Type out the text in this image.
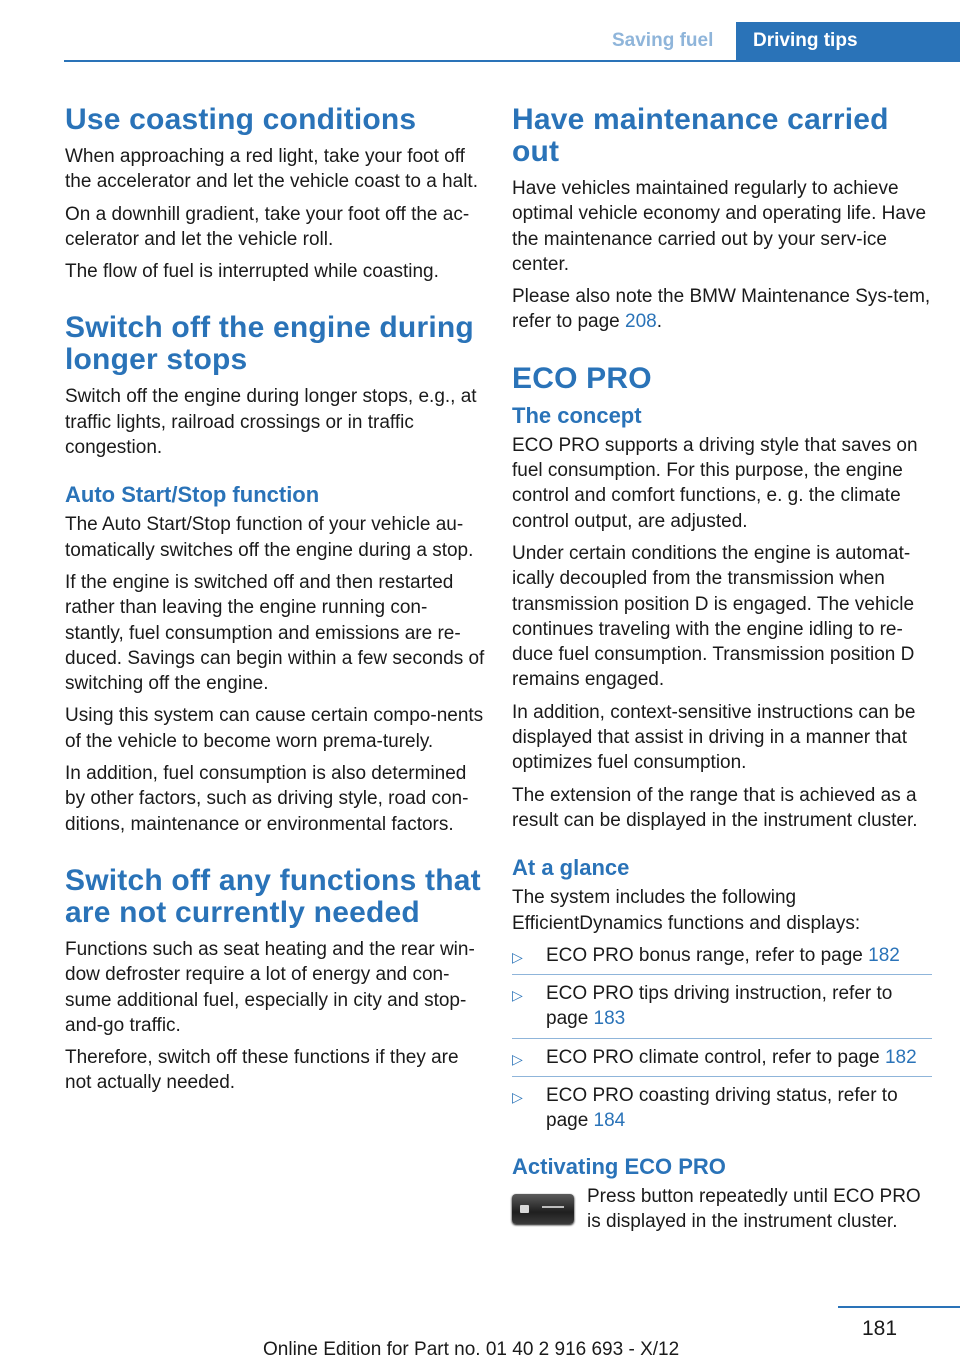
Saving fuel	Driving tips
Use coasting conditions

When approaching a red light, take your foot off the accelerator and let the vehicle coast to a halt.

On a downhill gradient, take your foot off the ac‐celerator and let the vehicle roll.

The flow of fuel is interrupted while coasting.

Switch off the engine during longer stops

Switch off the engine during longer stops, e.g., at traffic lights, railroad crossings or in traffic congestion.

Auto Start/Stop function

The Auto Start/Stop function of your vehicle au‐tomatically switches off the engine during a stop.

If the engine is switched off and then restarted rather than leaving the engine running con‐stantly, fuel consumption and emissions are re‐duced. Savings can begin within a few seconds of switching off the engine.

Using this system can cause certain compo‐nents of the vehicle to become worn prema‐turely.

In addition, fuel consumption is also determined by other factors, such as driving style, road con‐ditions, maintenance or environmental factors.

Switch off any functions that are not currently needed

Functions such as seat heating and the rear win‐dow defroster require a lot of energy and con‐sume additional fuel, especially in city and stop-and-go traffic.

Therefore, switch off these functions if they are not actually needed.

Have maintenance carried out

Have vehicles maintained regularly to achieve optimal vehicle economy and operating life. Have the maintenance carried out by your serv‐ice center.

Please also note the BMW Maintenance Sys‐tem, refer to page 208.

ECO PRO
The concept

ECO PRO supports a driving style that saves on fuel consumption. For this purpose, the engine control and comfort functions, e. g. the climate control output, are adjusted.

Under certain conditions the engine is automat‐ically decoupled from the transmission when transmission position D is engaged. The vehicle continues traveling with the engine idling to re‐duce fuel consumption. Transmission position D remains engaged.

In addition, context-sensitive instructions can be displayed that assist in driving in a manner that optimizes fuel consumption.

The extension of the range that is achieved as a result can be displayed in the instrument cluster.

At a glance

The system includes the following EfficientDynamics functions and displays:

▷ ECO PRO bonus range, refer to page 182
▷ ECO PRO tips driving instruction, refer to page 183
▷ ECO PRO climate control, refer to page 182
▷ ECO PRO coasting driving status, refer to page 184
Activating ECO PRO

Press button repeatedly until ECO PRO is displayed in the instrument cluster.

181
Online Edition for Part no. 01 40 2 916 693 - X/12
